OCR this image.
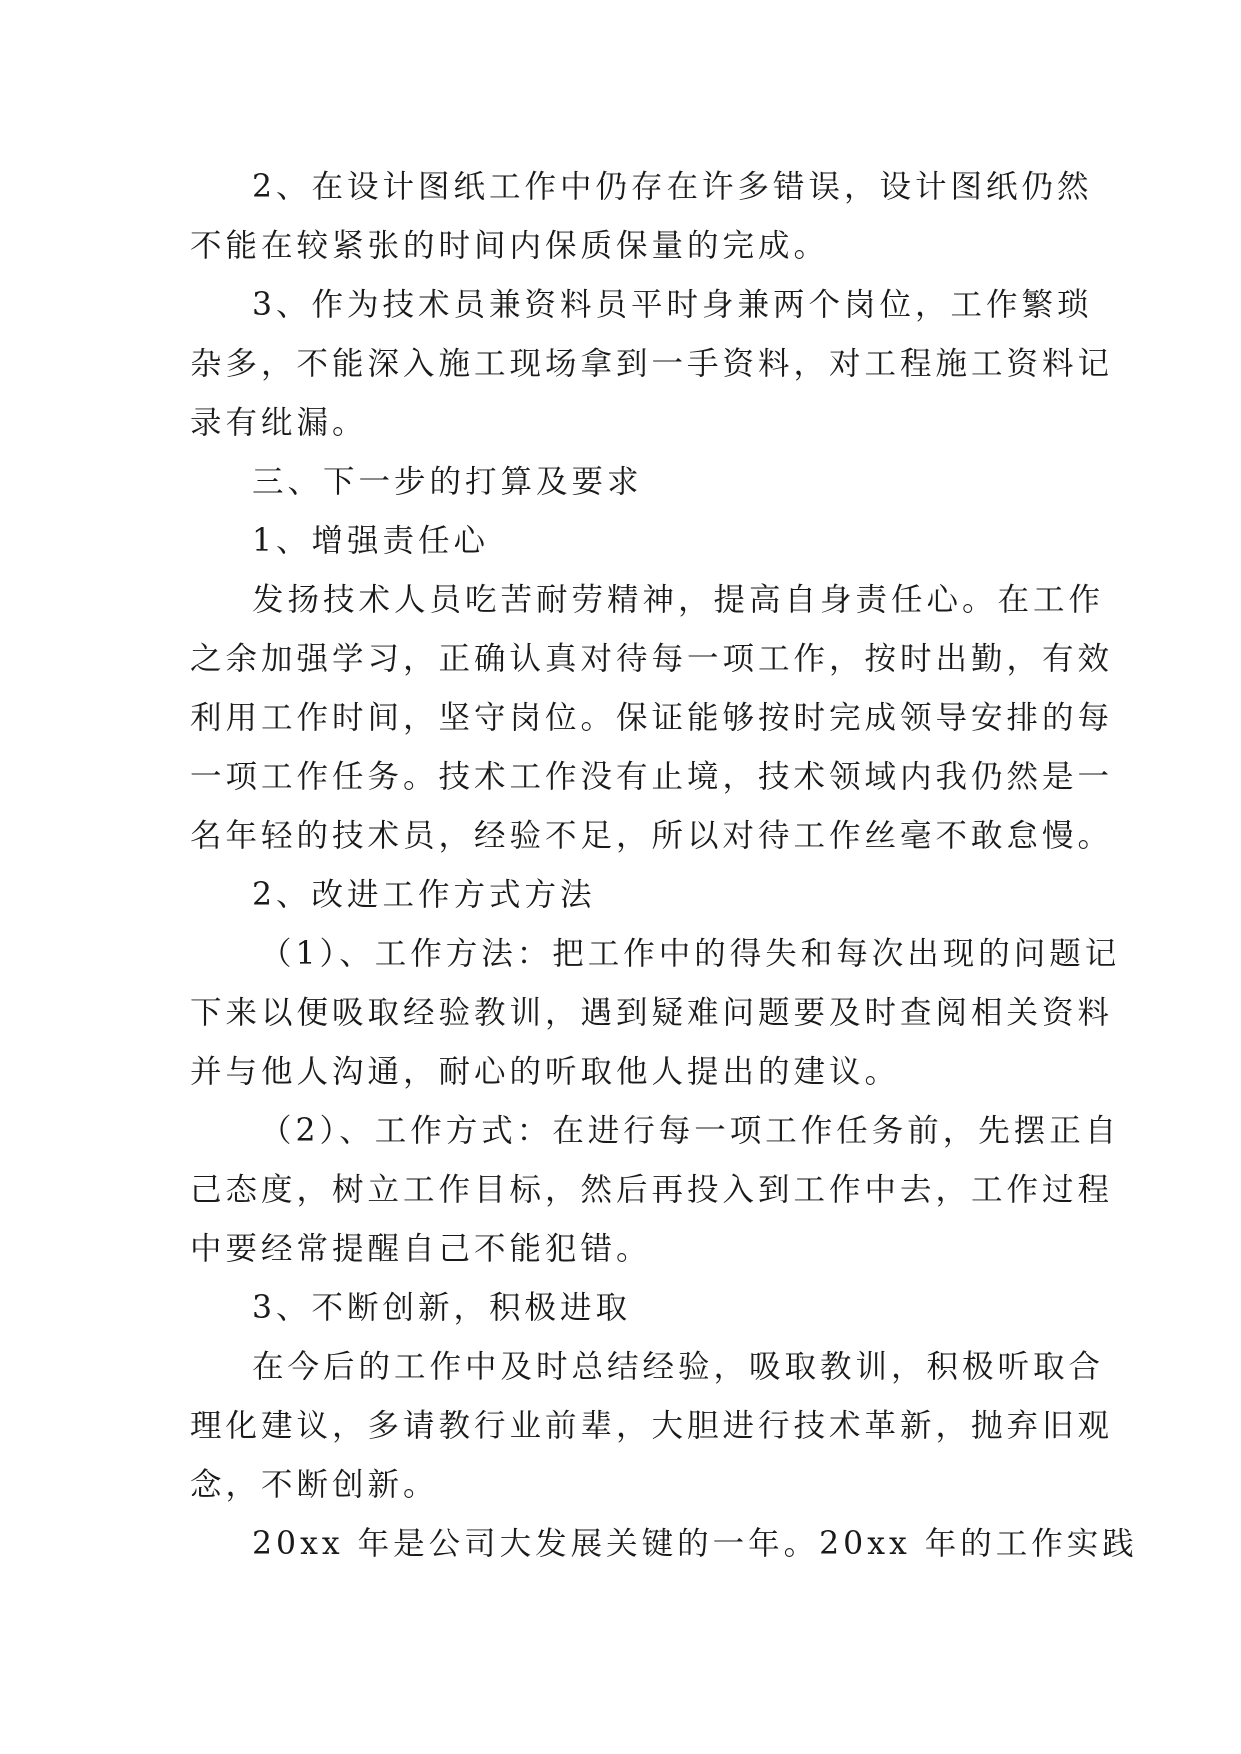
2、在设计图纸工作中仍存在许多错误，设计图纸仍然
不能在较紧张的时间内保质保量的完成。
3、作为技术员兼资料员平时身兼两个岗位，工作繁琐
杂多，不能深入施工现场拿到一手资料，对工程施工资料记
录有纰漏。
三、下一步的打算及要求
1、增强责任心
发扬技术人员吃苦耐劳精神，提高自身责任心。在工作
之余加强学习，正确认真对待每一项工作，按时出勤，有效
利用工作时间，坚守岗位。保证能够按时完成领导安排的每
一项工作任务。技术工作没有止境，技术领域内我仍然是一
名年轻的技术员，经验不足，所以对待工作丝毫不敢怠慢。
2、改进工作方式方法
（1）、工作方法：把工作中的得失和每次出现的问题记
下来以便吸取经验教训，遇到疑难问题要及时查阅相关资料
并与他人沟通，耐心的听取他人提出的建议。
（2）、工作方式：在进行每一项工作任务前，先摆正自
己态度，树立工作目标，然后再投入到工作中去，工作过程
中要经常提醒自己不能犯错。
3、不断创新，积极进取
在今后的工作中及时总结经验，吸取教训，积极听取合
理化建议，多请教行业前辈，大胆进行技术革新，抛弃旧观
念，不断创新。
20xx 年是公司大发展关键的一年。20xx 年的工作实践
